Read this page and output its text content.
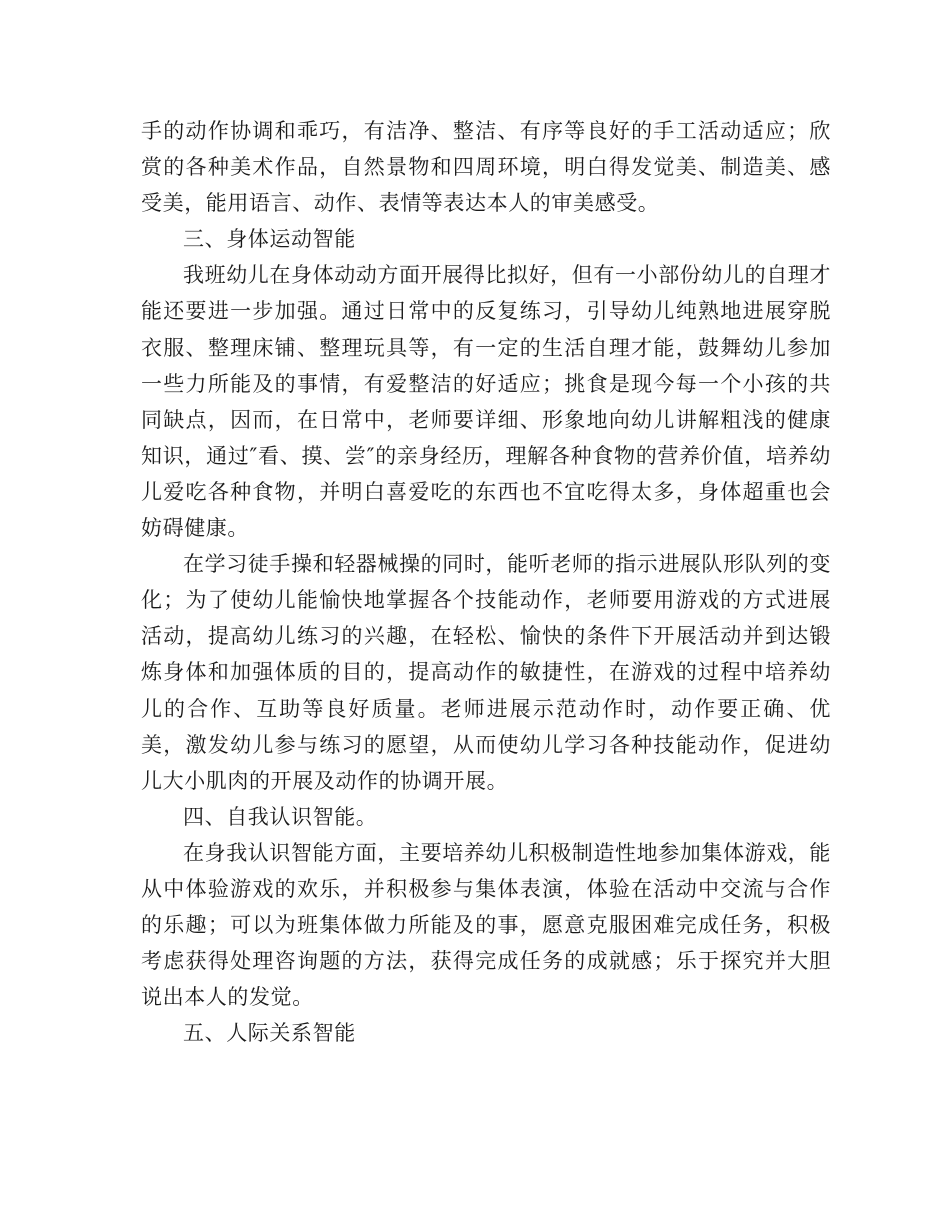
手的动作协调和乖巧，有洁净、整洁、有序等良好的手工活动适应；欣赏的各种美术作品，自然景物和四周环境，明白得发觉美、制造美、感受美，能用语言、动作、表情等表达本人的审美感受。

三、身体运动智能

我班幼儿在身体动动方面开展得比拟好，但有一小部份幼儿的自理才能还要进一步加强。通过日常中的反复练习，引导幼儿纯熟地进展穿脱衣服、整理床铺、整理玩具等，有一定的生活自理才能，鼓舞幼儿参加一些力所能及的事情，有爱整洁的好适应；挑食是现今每一个小孩的共同缺点，因而，在日常中，老师要详细、形象地向幼儿讲解粗浅的健康知识，通过″看、摸、尝″的亲身经历，理解各种食物的营养价值，培养幼儿爱吃各种食物，并明白喜爱吃的东西也不宜吃得太多，身体超重也会妨碍健康。

在学习徒手操和轻器械操的同时，能听老师的指示进展队形队列的变化；为了使幼儿能愉快地掌握各个技能动作，老师要用游戏的方式进展活动，提高幼儿练习的兴趣，在轻松、愉快的条件下开展活动并到达锻炼身体和加强体质的目的，提高动作的敏捷性，在游戏的过程中培养幼儿的合作、互助等良好质量。老师进展示范动作时，动作要正确、优美，激发幼儿参与练习的愿望，从而使幼儿学习各种技能动作，促进幼儿大小肌肉的开展及动作的协调开展。

四、自我认识智能。

在身我认识智能方面，主要培养幼儿积极制造性地参加集体游戏，能从中体验游戏的欢乐，并积极参与集体表演，体验在活动中交流与合作的乐趣；可以为班集体做力所能及的事，愿意克服困难完成任务，积极考虑获得处理咨询题的方法，获得完成任务的成就感；乐于探究并大胆说出本人的发觉。

五、人际关系智能
